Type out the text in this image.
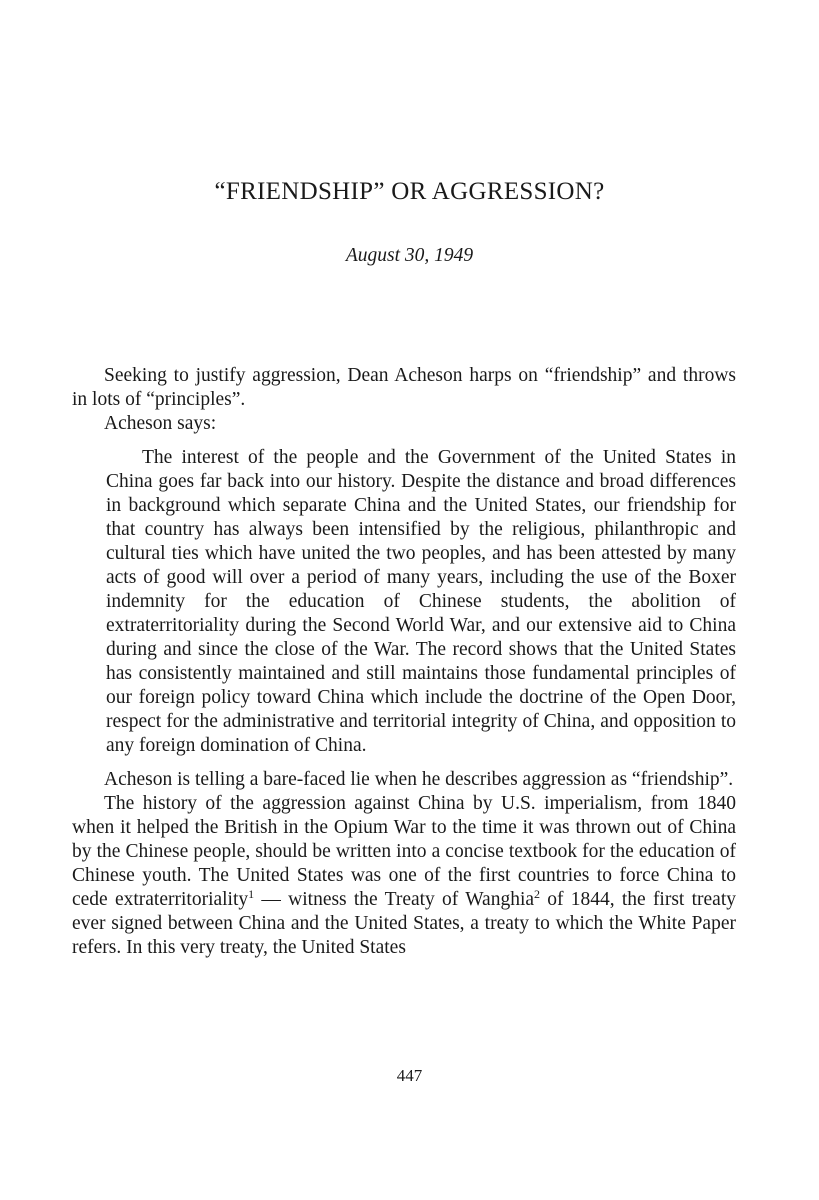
“FRIENDSHIP” OR AGGRESSION?
August 30, 1949

Seeking to justify aggression, Dean Acheson harps on “friendship” and throws in lots of “principles”.

Acheson says:

The interest of the people and the Government of the United States in China goes far back into our history. Despite the distance and broad differences in background which separate China and the United States, our friendship for that country has always been intensified by the religious, philanthropic and cultural ties which have united the two peoples, and has been attested by many acts of good will over a period of many years, including the use of the Boxer indemnity for the education of Chinese students, the abolition of extraterritoriality during the Second World War, and our extensive aid to China during and since the close of the War. The record shows that the United States has consistently maintained and still maintains those fundamental principles of our foreign policy toward China which include the doctrine of the Open Door, respect for the administrative and territorial integrity of China, and opposition to any foreign domination of China.

Acheson is telling a bare-faced lie when he describes aggression as “friendship”.

The history of the aggression against China by U.S. imperialism, from 1840 when it helped the British in the Opium War to the time it was thrown out of China by the Chinese people, should be written into a concise textbook for the education of Chinese youth. The United States was one of the first countries to force China to cede extraterritoriality$^1$ — witness the Treaty of Wanghia$^2$ of 1844, the first treaty ever signed between China and the United States, a treaty to which the White Paper refers. In this very treaty, the United States

447
